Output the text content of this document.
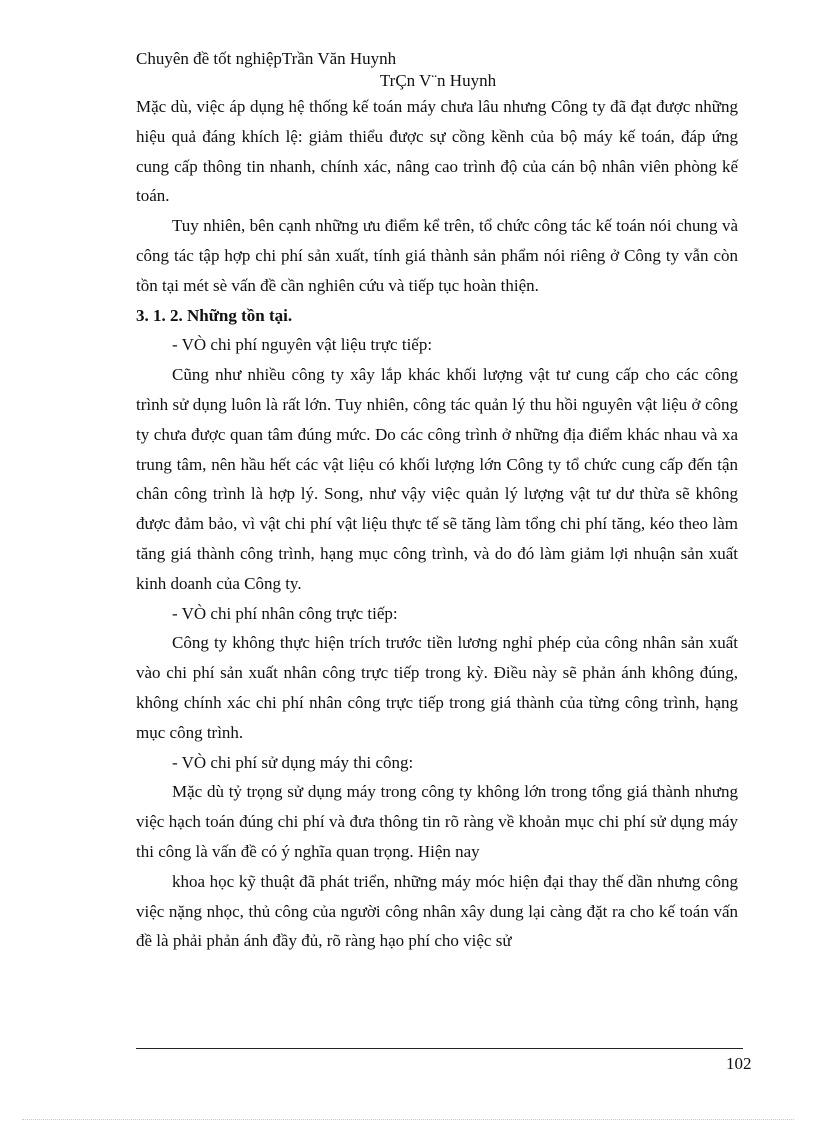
Chuyên đề tốt nghiệpTrần Văn Huynh
TrÇn V¨n Huynh

Mặc dù, việc áp dụng hệ thống kế toán máy chưa lâu nhưng Công ty đã đạt được những hiệu quả đáng khích lệ: giảm thiểu được sự cồng kềnh của bộ máy kế toán, đáp ứng cung cấp thông tin nhanh, chính xác, nâng cao trình độ của cán bộ nhân viên phòng kế toán.

Tuy nhiên, bên cạnh những ưu điểm kể trên, tổ chức công tác kế toán nói chung và công tác tập hợp chi phí sản xuất, tính giá thành sản phẩm nói riêng ở Công ty vẫn còn tồn tại mét sè vấn đề cần nghiên cứu và tiếp tục hoàn thiện.

3. 1. 2. Những tồn tại.

- VÒ chi phí nguyên vật liệu trực tiếp:

Cũng như nhiều công ty xây lắp khác khối lượng vật tư cung cấp cho các công trình sử dụng luôn là rất lớn. Tuy nhiên, công tác quản lý thu hồi nguyên vật liệu ở công ty chưa được quan tâm đúng mức. Do các công trình ở những địa điểm khác nhau và xa trung tâm, nên hầu hết các vật liệu có khối lượng lớn Công ty tổ chức cung cấp đến tận chân công trình là hợp lý. Song, như vậy việc quản lý lượng vật tư dư thừa sẽ không được đảm bảo, vì vật chi phí vật liệu thực tế sẽ tăng làm tổng chi phí tăng, kéo theo làm tăng giá thành công trình, hạng mục công trình, và do đó làm giảm lợi nhuận sản xuất kinh doanh của Công ty.

- VÒ chi phí nhân công trực tiếp:

Công ty không thực hiện trích trước tiền lương nghỉ phép của công nhân sản xuất vào chi phí sản xuất nhân công trực tiếp trong kỳ. Điều này sẽ phản ánh không đúng, không chính xác chi phí nhân công trực tiếp trong giá thành của từng công trình, hạng mục công trình.

- VÒ chi phí sử dụng máy thi công:

Mặc dù tỷ trọng sử dụng máy trong công ty không lớn trong tổng giá thành nhưng việc hạch toán đúng chi phí và đưa thông tin rõ ràng về khoản mục chi phí sử dụng máy thi công là vấn đề có ý nghĩa quan trọng. Hiện nay

khoa học kỹ thuật đã phát triển, những máy móc hiện đại thay thế dần nhưng công việc nặng nhọc, thủ công của người công nhân xây dung lại càng đặt ra cho kế toán vấn đề là phải phản ánh đầy đủ, rõ ràng hạo phí cho việc sử

102
